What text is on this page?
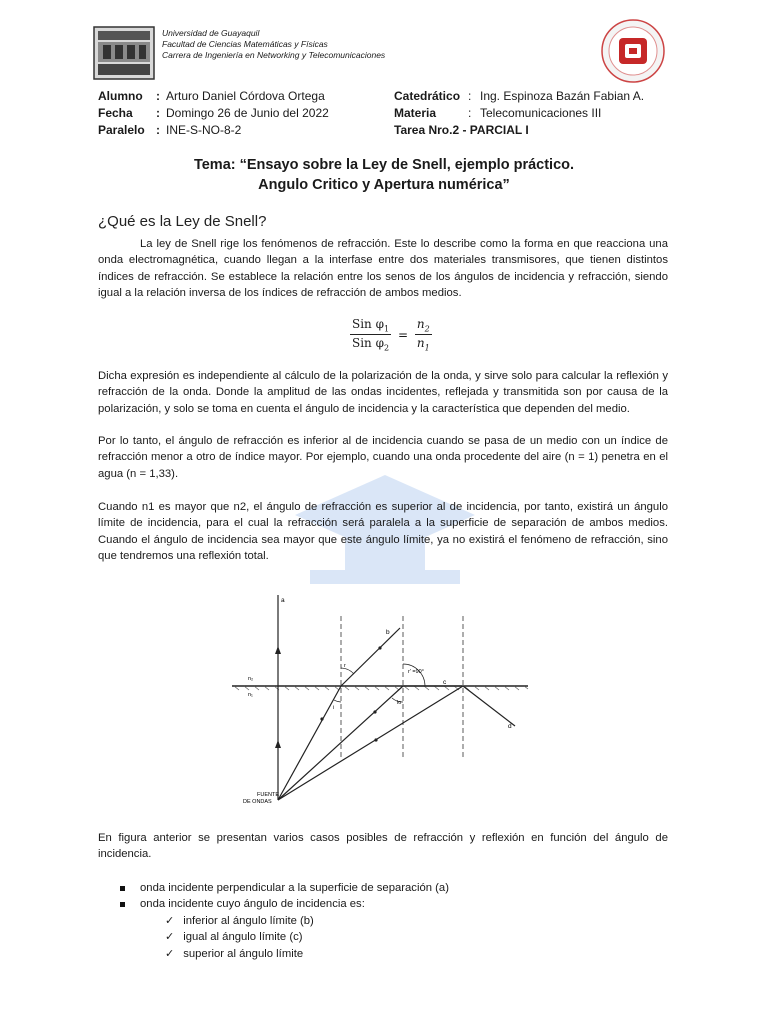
Universidad de Guayaquil
Facultad de Ciencias Matemáticas y Físicas
Carrera de Ingeniería en Networking y Telecomunicaciones
Alumno	: Arturo Daniel Córdova Ortega
Fecha	: Domingo 26 de Junio del 2022
Paralelo : INE-S-NO-8-2
Catedrático : Ing. Espinoza Bazán Fabian A.
Materia	: Telecomunicaciones III
Tarea Nro.2 - PARCIAL I
Tema: “Ensayo sobre la Ley de Snell, ejemplo práctico.
Angulo Critico y Apertura numérica”
¿Qué es la Ley de Snell?
La ley de Snell rige los fenómenos de refracción. Este lo describe como la forma en que reacciona una onda electromagnética, cuando llegan a la interfase entre dos materiales transmisores, que tienen distintos índices de refracción. Se establece la relación entre los senos de los ángulos de incidencia y refracción, siendo igual a la relación inversa de los índices de refracción de ambos medios.
$\frac{Sin \varphi_1}{Sin \varphi_2} = \frac{n_2}{n_1}$
Dicha expresión es independiente al cálculo de la polarización de la onda, y sirve solo para calcular la reflexión y refracción de la onda. Donde la amplitud de las ondas incidentes, reflejada y transmitida son por causa de la polarización, y solo se toma en cuenta el ángulo de incidencia y la característica que dependen del medio.
Por lo tanto, el ángulo de refracción es inferior al de incidencia cuando se pasa de un medio con un índice de refracción menor a otro de índice mayor. Por ejemplo, cuando una onda procedente del aire (n = 1) penetra en el agua (n = 1,33).
Cuando n1 es mayor que n2, el ángulo de refracción es superior al de incidencia, por tanto, existirá un ángulo límite de incidencia, para el cual la refracción será paralela a la superficie de separación de ambos medios. Cuando el ángulo de incidencia sea mayor que este ángulo límite, ya no existirá el fenómeno de refracción, sino que tendremos una reflexión total.
a
b
c
d
n₂
n₁
r
r' =90°
lo
i
FUENTE
DE ONDAS
En figura anterior se presentan varios casos posibles de refracción y reflexión en función del ángulo de incidencia.
onda incidente perpendicular a la superficie de separación (a)
onda incidente cuyo ángulo de incidencia es:
✓ inferior al ángulo límite (b)
✓ igual al ángulo límite (c)
✓ superior al ángulo límite
